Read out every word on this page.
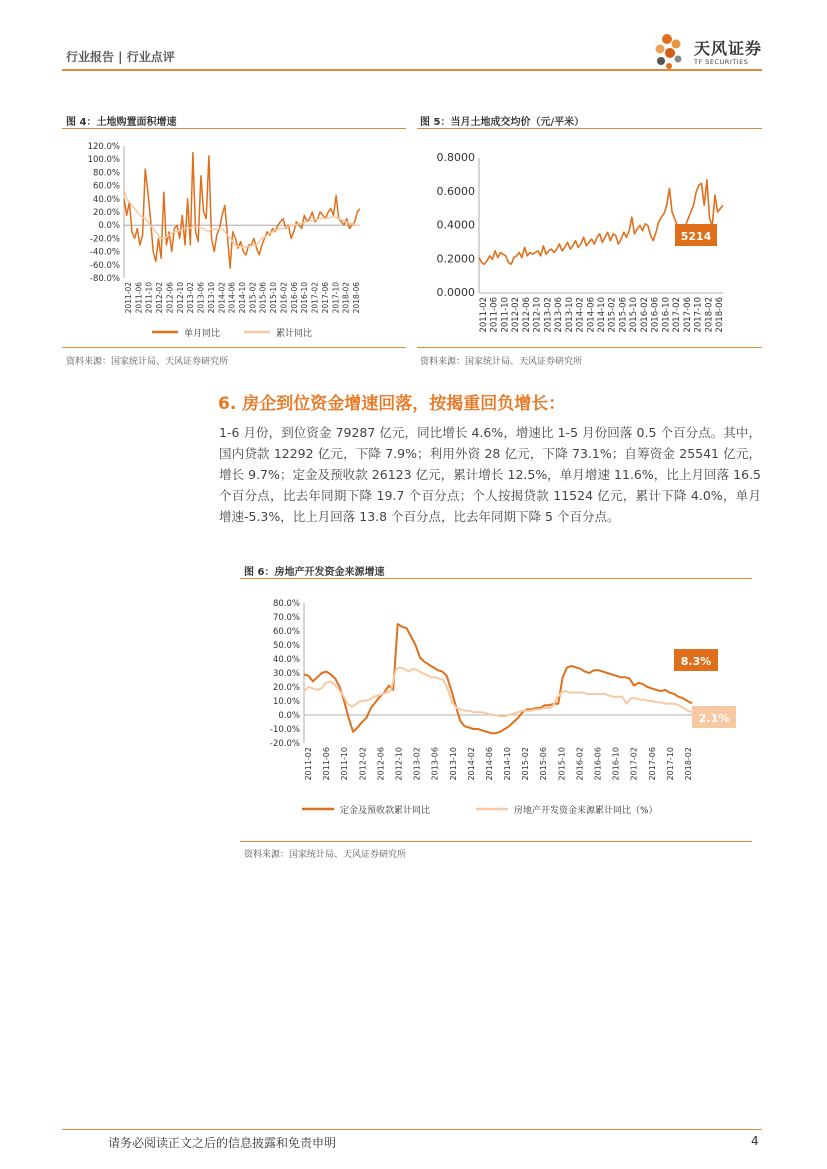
行业报告 | 行业点评	天风证券
TF SECURITIES
图 4：土地购置面积增速
120.0%
100.0%
80.0%
60.0%
40.0%
20.0%
0.0%
-20.0%
-40.0%
-60.0%
-80.0%
2011-02 2011-06 2011-10 2012-02 2012-06 2012-10 2013-02 2013-06 2013-10 2014-02 2014-06 2014-10 2015-02 2015-06 2015-10 2016-02 2016-06 2016-10 2017-02 2017-06 2017-10 2018-02 2018-06
单月同比	累计同比
资料来源：国家统计局、天风证券研究所
图 5：当月土地成交均价（元/平米）
0.8000
0.6000
0.4000
0.2000
0.0000
2011-02 2011-06 2011-10 2012-02 2012-06 2012-10 2013-02 2013-06 2013-10 2014-02 2014-06 2014-10 2015-02 2015-06 2015-10 2016-02 2016-06 2016-10 2017-02 2017-06 2017-10 2018-02 2018-06
5214
资料来源：国家统计局、天风证券研究所
6. 房企到位资金增速回落，按揭重回负增长：
1-6 月份，到位资金 79287 亿元，同比增长 4.6%，增速比 1-5 月份回落 0.5 个百分点。其中，国内贷款 12292 亿元，下降 7.9%；利用外资 28 亿元，下降 73.1%；自筹资金 25541 亿元，增长 9.7%；定金及预收款 26123 亿元，累计增长 12.5%，单月增速 11.6%，比上月回落 16.5 个百分点，比去年同期下降 19.7 个百分点；个人按揭贷款 11524 亿元，累计下降 4.0%，单月增速-5.3%，比上月回落 13.8 个百分点，比去年同期下降 5 个百分点。
图 6：房地产开发资金来源增速
80.0%
70.0%
60.0%
50.0%
40.0%
30.0%
20.0%
10.0%
0.0%
-10.0%
-20.0%
2011-02 2011-06 2011-10 2012-02 2012-06 2012-10 2013-02 2013-06 2013-10 2014-02 2014-06 2014-10 2015-02 2015-06 2015-10 2016-02 2016-06 2016-10 2017-02 2017-06 2017-10 2018-02
8.3%
2.1%
定金及预收款累计同比	房地产开发资金来源累计同比（%）
资料来源：国家统计局、天风证券研究所
请务必阅读正文之后的信息披露和免责申明	4
